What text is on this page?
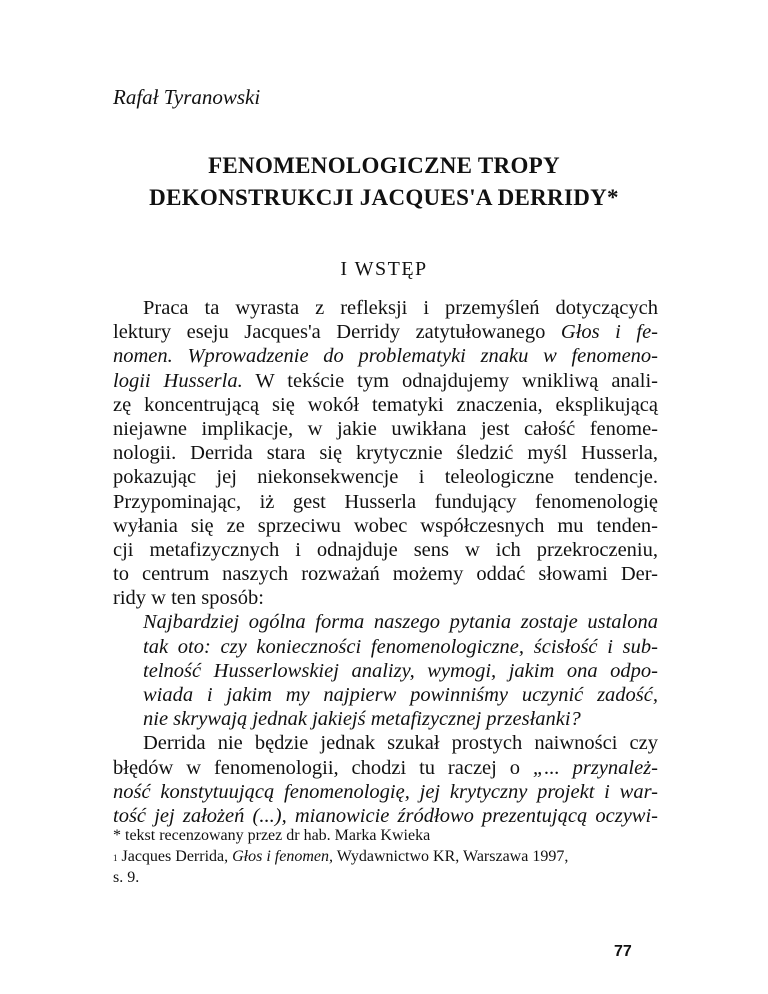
Rafał Tyranowski
FENOMENOLOGICZNE TROPY
DEKONSTRUKCJI JACQUES'A DERRIDY*
I WSTĘP
Praca ta wyrasta z refleksji i przemyśleń dotyczących
lektury eseju Jacques'a Derridy zatytułowanego Głos i fe-
nomen. Wprowadzenie do problematyki znaku w fenomeno-
logii Husserla. W tekście tym odnajdujemy wnikliwą anali-
zę koncentrującą się wokół tematyki znaczenia, eksplikującą
niejawne implikacje, w jakie uwikłana jest całość fenome-
nologii. Derrida stara się krytycznie śledzić myśl Husserla,
pokazując jej niekonsekwencje i teleologiczne tendencje.
Przypominając, iż gest Husserla fundujący fenomenologię
wyłania się ze sprzeciwu wobec współczesnych mu tenden-
cji metafizycznych i odnajduje sens w ich przekroczeniu,
to centrum naszych rozważań możemy oddać słowami Der-
ridy w ten sposób:
Najbardziej ogólna forma naszego pytania zostaje ustalona
tak oto: czy konieczności fenomenologiczne, ścisłość i sub-
telność Husserlowskiej analizy, wymogi, jakim ona odpo-
wiada i jakim my najpierw powinniśmy uczynić zadość,
nie skrywają jednak jakiejś metafizycznej przesłanki?
Derrida nie będzie jednak szukał prostych naiwności czy
błędów w fenomenologii, chodzi tu raczej o „... przynależ-
ność konstytuującą fenomenologię, jej krytyczny projekt i war-
tość jej założeń (...), mianowicie źródłowo prezentującą oczywi-
* tekst recenzowany przez dr hab. Marka Kwieka
$^1$ Jacques Derrida, Głos i fenomen, Wydawnictwo KR, Warszawa 1997,
s. 9.
77
